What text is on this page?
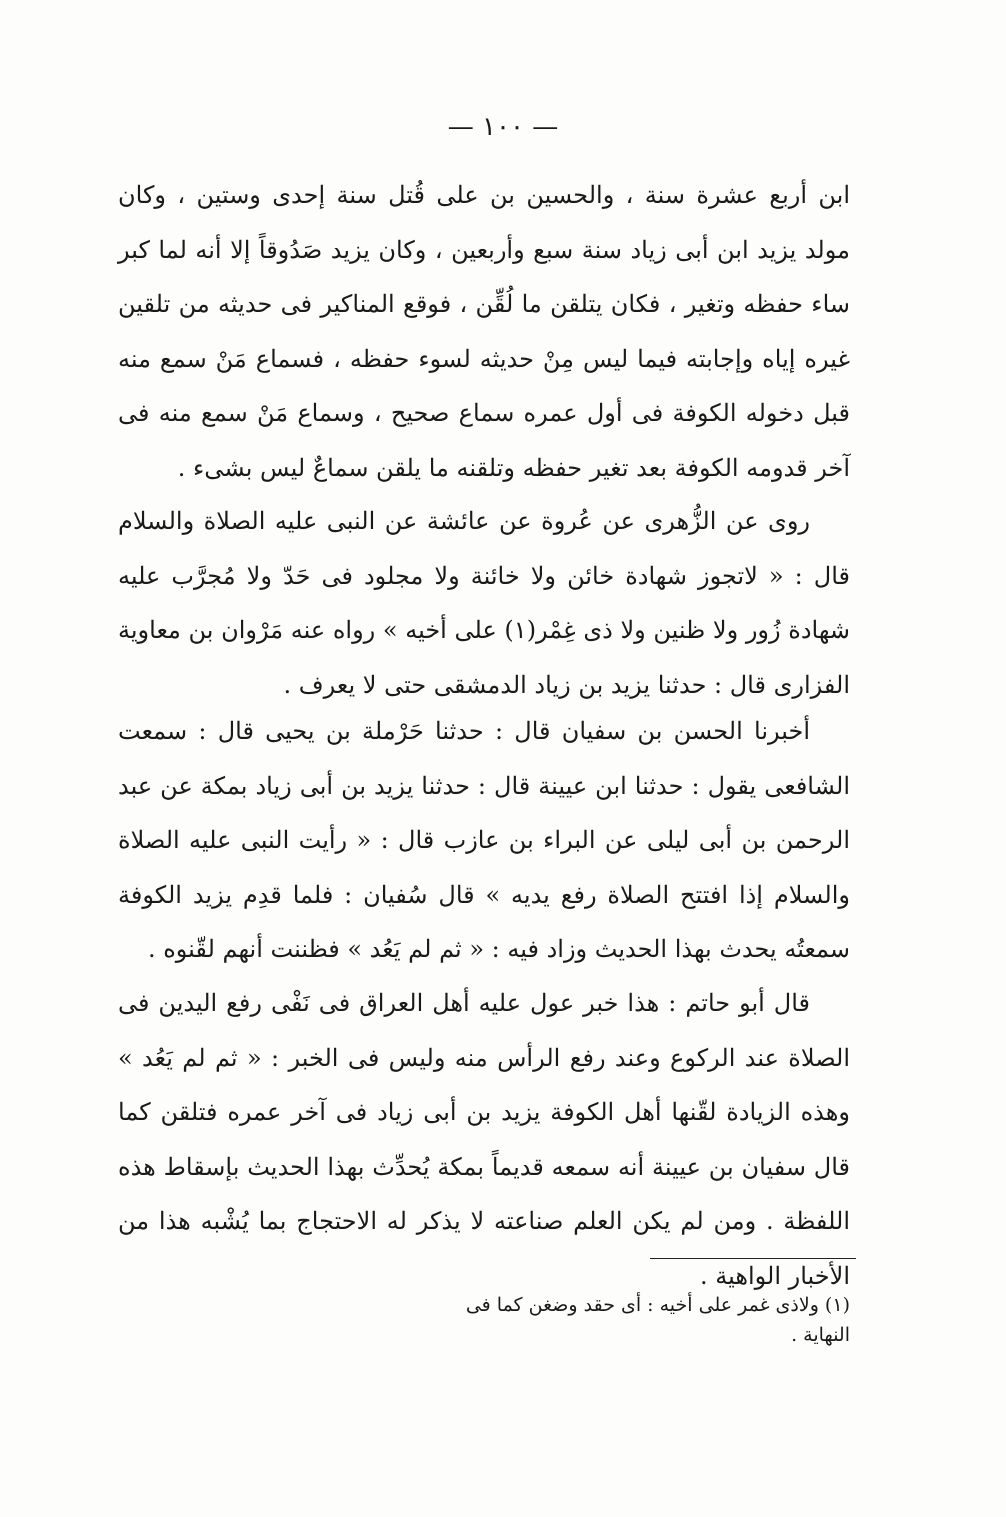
— ١٠٠ —

ابن أربع عشرة سنة ، والحسين بن على قُتل سنة إحدى وستين ، وكان مولد يزيد ابن أبى زياد سنة سبع وأربعين ، وكان يزيد صَدُوقاً إلا أنه لما كبر ساء حفظه وتغير ، فكان يتلقن ما لُقِّن ، فوقع المناكير فى حديثه من تلقين غيره إياه وإجابته فيما ليس مِنْ حديثه لسوء حفظه ، فسماع مَنْ سمع منه قبل دخوله الكوفة فى أول عمره سماع صحيح ، وسماع مَنْ سمع منه فى آخر قدومه الكوفة بعد تغير حفظه وتلقنه ما يلقن سماعٌ ليس بشىء .

روى عن الزُّهرى عن عُروة عن عائشة عن النبى عليه الصلاة والسلام قال : « لاتجوز شهادة خائن ولا خائنة ولا مجلود فى حَدّ ولا مُجرَّب عليه شهادة زُور ولا ظنين ولا ذى غِمْر(١) على أخيه » رواه عنه مَرْوان بن معاوية الفزارى قال : حدثنا يزيد بن زياد الدمشقى حتى لا يعرف .

أخبرنا الحسن بن سفيان قال : حدثنا حَرْملة بن يحيى قال : سمعت الشافعى يقول : حدثنا ابن عيينة قال : حدثنا يزيد بن أبى زياد بمكة عن عبد الرحمن بن أبى ليلى عن البراء بن عازب قال : « رأيت النبى عليه الصلاة والسلام إذا افتتح الصلاة رفع يديه » قال سُفيان : فلما قدِم يزيد الكوفة سمعتُه يحدث بهذا الحديث وزاد فيه : « ثم لم يَعُد » فظننت أنهم لقّنوه .

قال أبو حاتم : هذا خبر عول عليه أهل العراق فى نَفْى رفع اليدين فى الصلاة عند الركوع وعند رفع الرأس منه وليس فى الخبر : « ثم لم يَعُد » وهذه الزيادة لقّنها أهل الكوفة يزيد بن أبى زياد فى آخر عمره فتلقن كما قال سفيان بن عيينة أنه سمعه قديماً بمكة يُحدِّث بهذا الحديث بإسقاط هذه اللفظة . ومن لم يكن العلم صناعته لا يذكر له الاحتجاج بما يُشْبه هذا من الأخبار الواهية .

(١) ولاذى غمر على أخيه : أى حقد وضغن كما فى النهاية .
